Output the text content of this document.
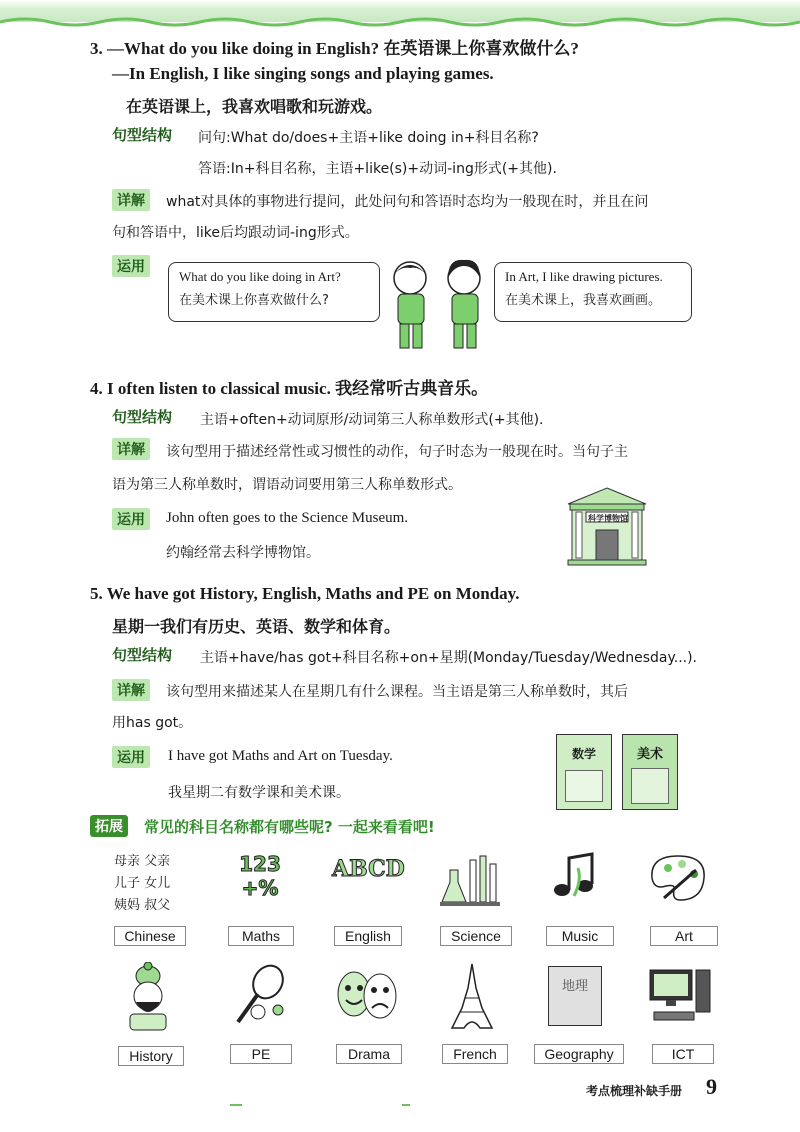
3. —What do you like doing in English? 在英语课上你喜欢做什么?
—In English, I like singing songs and playing games.
在英语课上，我喜欢唱歌和玩游戏。
句型结构 问句:What do/does+主语+like doing in+科目名称?
答语:In+科目名称，主语+like(s)+动词-ing形式(+其他).
详解	what对具体的事物进行提问，此处问句和答语时态均为一般现在时，并且在问
句和答语中，like后均跟动词-ing形式。
运用
What do you like doing in Art?
在美术课上你喜欢做什么?
In Art, I like drawing pictures.
在美术课上，我喜欢画画。
4. I often listen to classical music. 我经常听古典音乐。
句型结构 主语+often+动词原形/动词第三人称单数形式(+其他).
详解	该句型用于描述经常性或习惯性的动作，句子时态为一般现在时。当句子主
语为第三人称单数时，谓语动词要用第三人称单数形式。
运用	John often goes to the Science Museum.
约翰经常去科学博物馆。
科学博物馆
5. We have got History, English, Maths and PE on Monday.
星期一我们有历史、英语、数学和体育。
句型结构 主语+have/has got+科目名称+on+星期(Monday/Tuesday/Wednesday...).
详解	该句型用来描述某人在星期几有什么课程。当主语是第三人称单数时，其后
用has got。
运用	I have got Maths and Art on Tuesday.
我星期二有数学课和美术课。
数学	美术
拓展	常见的科目名称都有哪些呢? 一起来看看吧!
母亲 父亲
儿子 女儿
姨妈 叔父
123 +%
ABCD
Chinese	Maths	English	Science	Music	Art
地理
History	PE	Drama	French	Geography	ICT
考点梳理补缺手册 9
